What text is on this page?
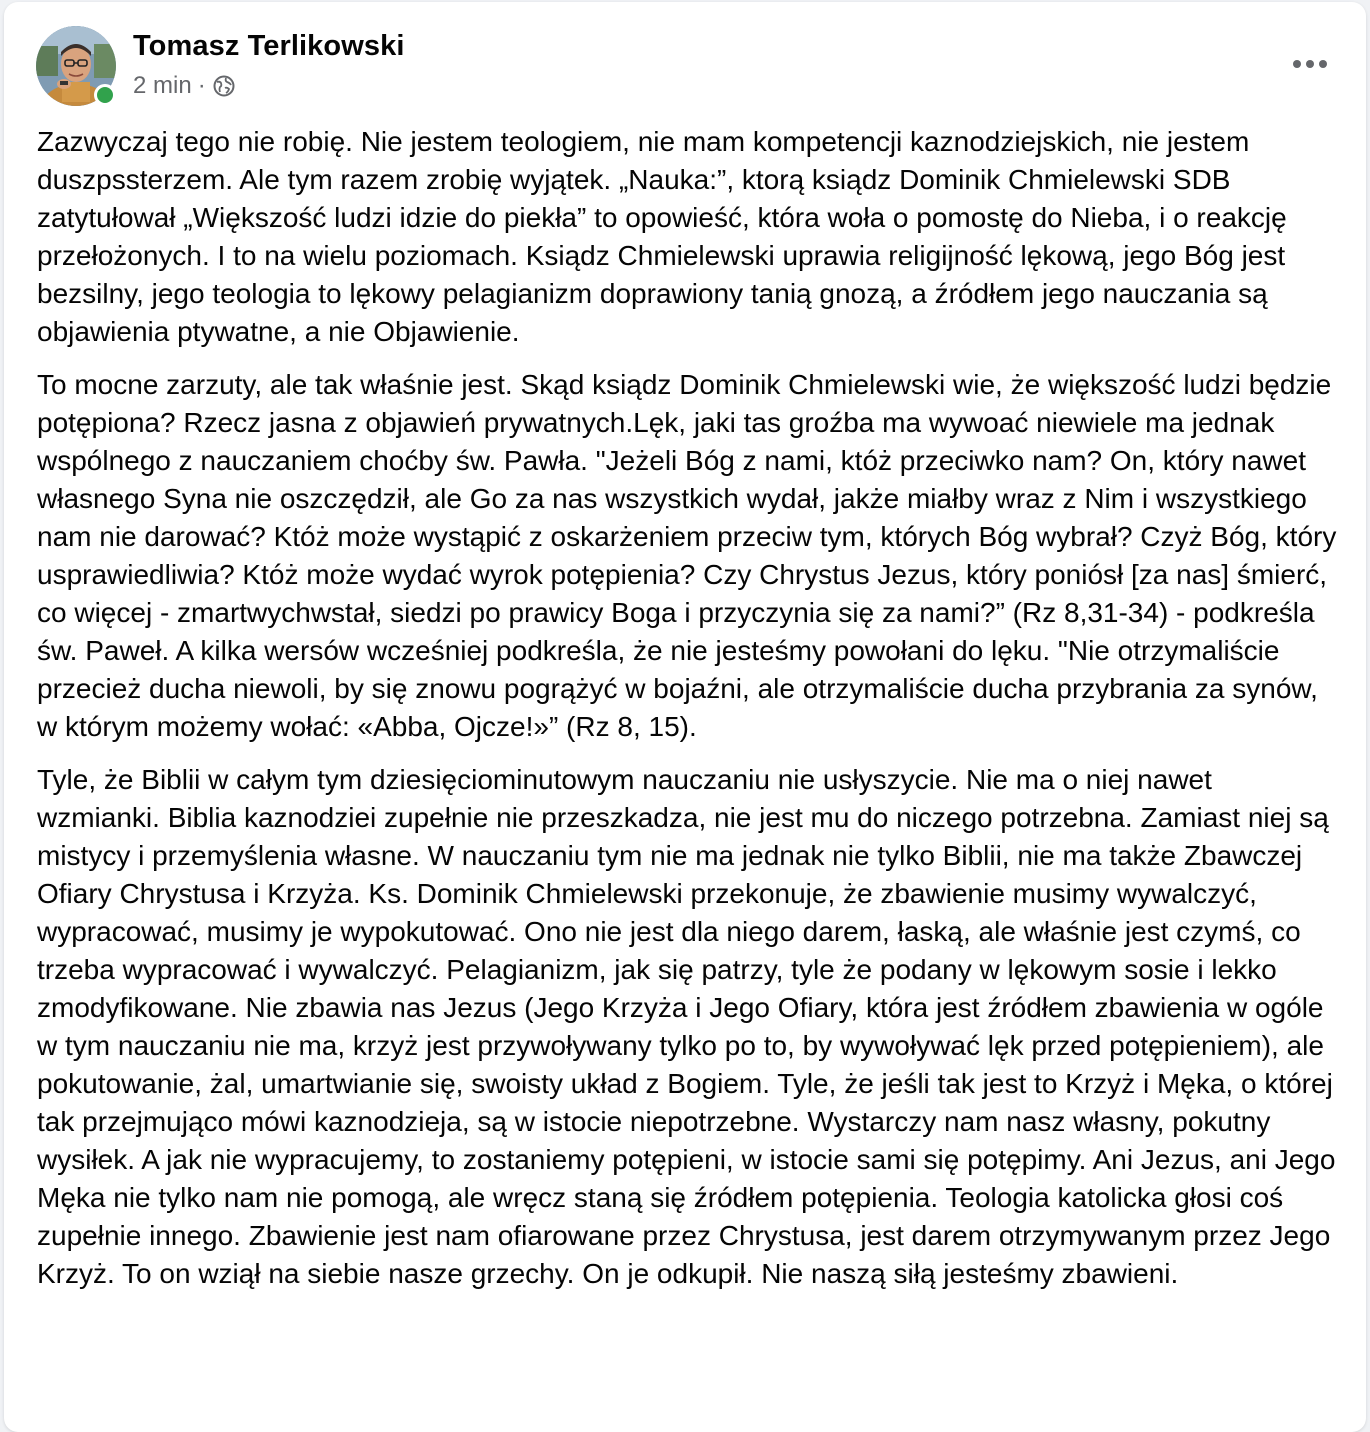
Tomasz Terlikowski
2 min ·

Zazwyczaj tego nie robię. Nie jestem teologiem, nie mam kompetencji kaznodziejskich, nie jestem duszpssterzem. Ale tym razem zrobię wyjątek. „Nauka:”, ktorą ksiądz Dominik Chmielewski SDB zatytułował „Większość ludzi idzie do piekła” to opowieść, która woła o pomostę do Nieba, i o reakcję przełożonych. I to na wielu poziomach. Ksiądz Chmielewski uprawia religijność lękową, jego Bóg jest bezsilny, jego teologia to lękowy pelagianizm doprawiony tanią gnozą, a źródłem jego nauczania są objawienia ptywatne, a nie Objawienie.

To mocne zarzuty, ale tak właśnie jest. Skąd ksiądz Dominik Chmielewski wie, że większość ludzi będzie potępiona? Rzecz jasna z objawień prywatnych.Lęk, jaki tas groźba ma wywoać niewiele ma jednak wspólnego z nauczaniem choćby św. Pawła. "Jeżeli Bóg z nami, któż przeciwko nam? On, który nawet własnego Syna nie oszczędził, ale Go za nas wszystkich wydał, jakże miałby wraz z Nim i wszystkiego nam nie darować? Któż może wystąpić z oskarżeniem przeciw tym, których Bóg wybrał? Czyż Bóg, który usprawiedliwia? Któż może wydać wyrok potępienia? Czy Chrystus Jezus, który poniósł [za nas] śmierć, co więcej - zmartwychwstał, siedzi po prawicy Boga i przyczynia się za nami?” (Rz 8,31-34) - podkreśla św. Paweł. A kilka wersów wcześniej podkreśla, że nie jesteśmy powołani do lęku. "Nie otrzymaliście przecież ducha niewoli, by się znowu pogrążyć w bojaźni, ale otrzymaliście ducha przybrania za synów, w którym możemy wołać: «Abba, Ojcze!»” (Rz 8, 15).

Tyle, że Biblii w całym tym dziesięciominutowym nauczaniu nie usłyszycie. Nie ma o niej nawet wzmianki. Biblia kaznodziei zupełnie nie przeszkadza, nie jest mu do niczego potrzebna. Zamiast niej są mistycy i przemyślenia własne. W nauczaniu tym nie ma jednak nie tylko Biblii, nie ma także Zbawczej Ofiary Chrystusa i Krzyża. Ks. Dominik Chmielewski przekonuje, że zbawienie musimy wywalczyć, wypracować, musimy je wypokutować. Ono nie jest dla niego darem, łaską, ale właśnie jest czymś, co trzeba wypracować i wywalczyć. Pelagianizm, jak się patrzy, tyle że podany w lękowym sosie i lekko zmodyfikowane. Nie zbawia nas Jezus (Jego Krzyża i Jego Ofiary, która jest źródłem zbawienia w ogóle w tym nauczaniu nie ma, krzyż jest przywoływany tylko po to, by wywoływać lęk przed potępieniem), ale pokutowanie, żal, umartwianie się, swoisty układ z Bogiem. Tyle, że jeśli tak jest to Krzyż i Męka, o której tak przejmująco mówi kaznodzieja, są w istocie niepotrzebne. Wystarczy nam nasz własny, pokutny wysiłek. A jak nie wypracujemy, to zostaniemy potępieni, w istocie sami się potępimy. Ani Jezus, ani Jego Męka nie tylko nam nie pomogą, ale wręcz staną się źródłem potępienia. Teologia katolicka głosi coś zupełnie innego. Zbawienie jest nam ofiarowane przez Chrystusa, jest darem otrzymywanym przez Jego Krzyż. To on wziął na siebie nasze grzechy. On je odkupił. Nie naszą siłą jesteśmy zbawieni.
